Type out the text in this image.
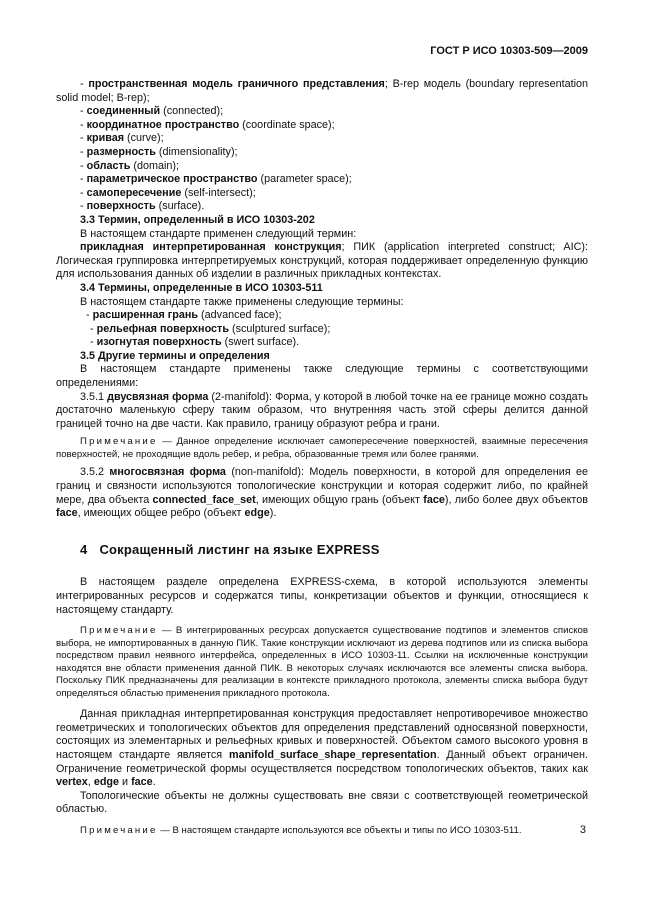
ГОСТ Р ИСО 10303-509—2009

- пространственная модель граничного представления; B-rep модель (boundary representation solid model; B-rep);

- соединенный (connected);

- координатное пространство (coordinate space);

- кривая (curve);

- размерность (dimensionality);

- область (domain);

- параметрическое пространство (parameter space);

- самопересечение (self-intersect);

- поверхность (surface).

3.3 Термин, определенный в ИСО 10303-202

В настоящем стандарте применен следующий термин:

прикладная интерпретированная конструкция; ПИК (application interpreted construct; AIC): Логическая группировка интерпретируемых конструкций, которая поддерживает определенную функцию для использования данных об изделии в различных прикладных контекстах.

3.4 Термины, определенные в ИСО 10303-511

В настоящем стандарте также применены следующие термины:

- расширенная грань (advanced face);

- рельефная поверхность (sculptured surface);

- изогнутая поверхность (swert surface).

3.5 Другие термины и определения

В настоящем стандарте применены также следующие термины с соответствующими определениями:

3.5.1 двусвязная форма (2-manifold): Форма, у которой в любой точке на ее границе можно создать достаточно маленькую сферу таким образом, что внутренняя часть этой сферы делится данной границей точно на две части. Как правило, границу образуют ребра и грани.

Примечание — Данное определение исключает самопересечение поверхностей, взаимные пересечения поверхностей, не проходящие вдоль ребер, и ребра, образованные тремя или более гранями.

3.5.2 многосвязная форма (non-manifold): Модель поверхности, в которой для определения ее границ и связности используются топологические конструкции и которая содержит либо, по крайней мере, два объекта connected_face_set, имеющих общую грань (объект face), либо более двух объектов face, имеющих общее ребро (объект edge).

4 Сокращенный листинг на языке EXPRESS

В настоящем разделе определена EXPRESS-схема, в которой используются элементы интегрированных ресурсов и содержатся типы, конкретизации объектов и функции, относящиеся к настоящему стандарту.

Примечание — В интегрированных ресурсах допускается существование подтипов и элементов списков выбора, не импортированных в данную ПИК. Такие конструкции исключают из дерева подтипов или из списка выбора посредством правил неявного интерфейса, определенных в ИСО 10303-11. Ссылки на исключенные конструкции находятся вне области применения данной ПИК. В некоторых случаях исключаются все элементы списка выбора. Поскольку ПИК предназначены для реализации в контексте прикладного протокола, элементы списка выбора будут определяться областью применения прикладного протокола.

Данная прикладная интерпретированная конструкция предоставляет непротиворечивое множество геометрических и топологических объектов для определения представлений односвязной поверхности, состоящих из элементарных и рельефных кривых и поверхностей. Объектом самого высокого уровня в настоящем стандарте является manifold_surface_shape_representation. Данный объект ограничен. Ограничение геометрической формы осуществляется посредством топологических объектов, таких как vertex, edge и face.

Топологические объекты не должны существовать вне связи с соответствующей геометрической областью.

Примечание — В настоящем стандарте используются все объекты и типы по ИСО 10303-511.	3
